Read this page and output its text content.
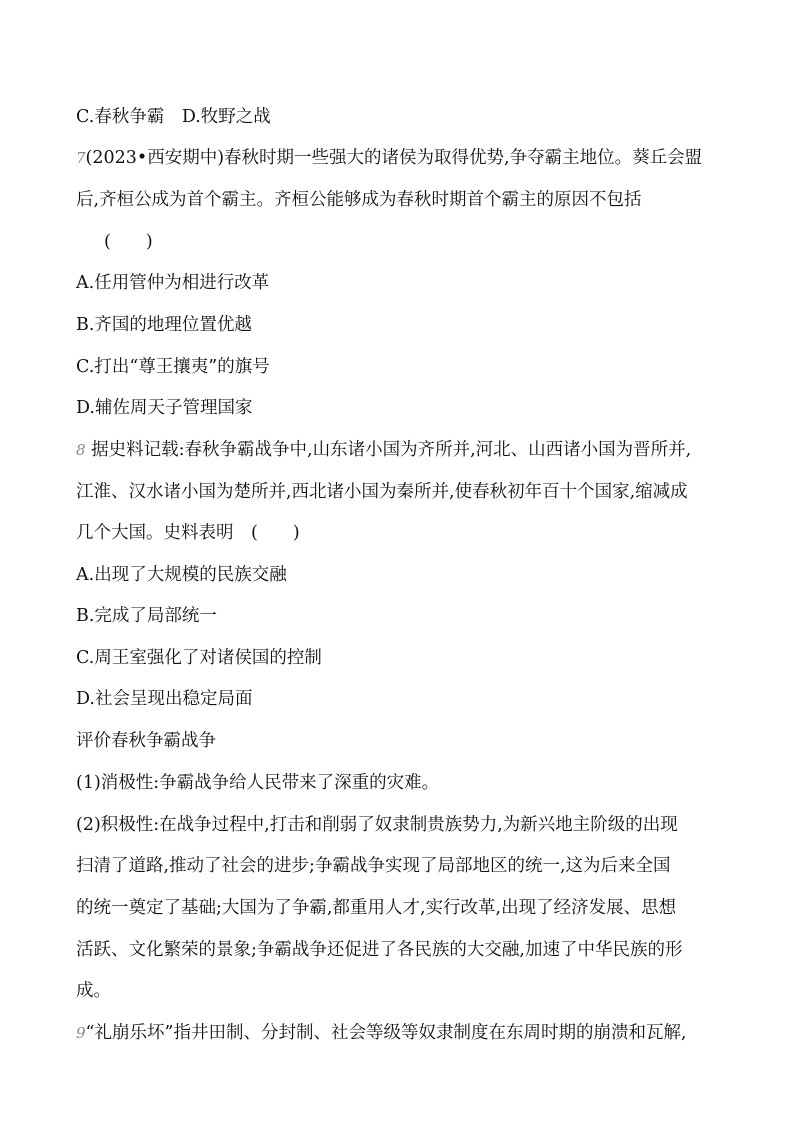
C.春秋争霸　D.牧野之战
7(2023•西安期中)春秋时期一些强大的诸侯为取得优势,争夺霸主地位。葵丘会盟
后,齐桓公成为首个霸主。齐桓公能够成为春秋时期首个霸主的原因不包括
(　　)
A.任用管仲为相进行改革
B.齐国的地理位置优越
C.打出“尊王攘夷”的旗号
D.辅佐周天子管理国家
8 据史料记载:春秋争霸战争中,山东诸小国为齐所并,河北、山西诸小国为晋所并,
江淮、汉水诸小国为楚所并,西北诸小国为秦所并,使春秋初年百十个国家,缩减成
几个大国。史料表明　(　　)
A.出现了大规模的民族交融
B.完成了局部统一
C.周王室强化了对诸侯国的控制
D.社会呈现出稳定局面
评价春秋争霸战争
(1)消极性:争霸战争给人民带来了深重的灾难。
(2)积极性:在战争过程中,打击和削弱了奴隶制贵族势力,为新兴地主阶级的出现
扫清了道路,推动了社会的进步;争霸战争实现了局部地区的统一,这为后来全国
的统一奠定了基础;大国为了争霸,都重用人才,实行改革,出现了经济发展、思想
活跃、文化繁荣的景象;争霸战争还促进了各民族的大交融,加速了中华民族的形
成。
9“礼崩乐坏”指井田制、分封制、社会等级等奴隶制度在东周时期的崩溃和瓦解,
